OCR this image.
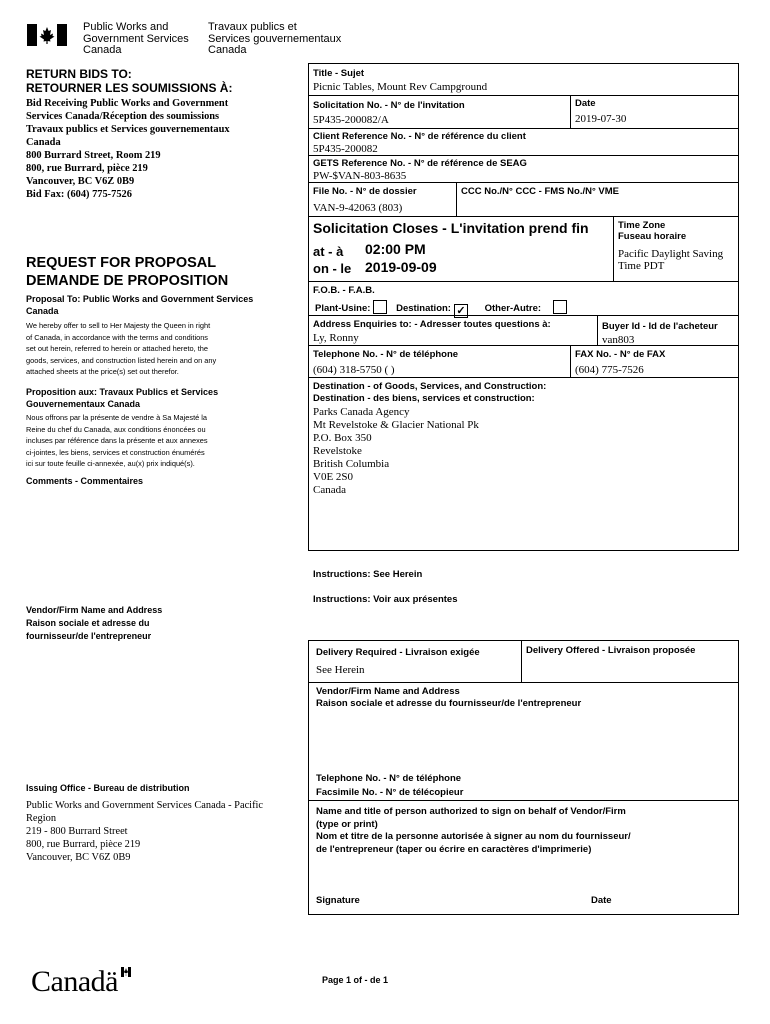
Public Works and
Government Services
Canada
Travaux publics et
Services gouvernementaux
Canada
RETURN BIDS TO:
RETOURNER LES SOUMISSIONS À:
Bid Receiving Public Works and Government
Services Canada/Réception des soumissions
Travaux publics et Services gouvernementaux
Canada
800 Burrard Street, Room 219
800, rue Burrard, pièce 219
Vancouver, BC V6Z 0B9
Bid Fax: (604) 775-7526
REQUEST FOR PROPOSAL
DEMANDE DE PROPOSITION
Proposal To: Public Works and Government Services Canada
We hereby offer to sell to Her Majesty the Queen in right
of Canada, in accordance with the terms and conditions
set out herein, referred to herein or attached hereto, the
goods, services, and construction listed herein and on any
attached sheets at the price(s) set out therefor.
Proposition aux: Travaux Publics et Services
Gouvernementaux Canada
Nous offrons par la présente de vendre à Sa Majesté la
Reine du chef du Canada, aux conditions énoncées ou
incluses par référence dans la présente et aux annexes
ci-jointes, les biens, services et construction énumérés
ici sur toute feuille ci-annexée, au(x) prix indiqué(s).
Comments - Commentaires
Vendor/Firm Name and Address
Raison sociale et adresse du
fournisseur/de l'entrepreneur
Issuing Office - Bureau de distribution
Public Works and Government Services Canada - Pacific
Region
219 - 800 Burrard Street
800, rue Burrard, pièce 219
Vancouver, BC V6Z 0B9
Title - Sujet
Picnic Tables, Mount Rev Campground
Solicitation No. - N° de l'invitation
5P435-200082/A
Date
2019-07-30
Client Reference No. - N° de référence du client
5P435-200082
GETS Reference No. - N° de référence de SEAG
PW-$VAN-803-8635
File No. - N° de dossier
VAN-9-42063 (803)
CCC No./N° CCC - FMS No./N° VME
Solicitation Closes - L'invitation prend fin
at - à 02:00 PM
on - le 2019-09-09
Time Zone
Fuseau horaire
Pacific Daylight Saving
Time PDT
F.O.B. - F.A.B.
Plant-Usine:	Destination: ✓ Other-Autre:
Address Enquiries to: - Adresser toutes questions à:
Ly, Ronny
Buyer Id - Id de l'acheteur
van803
Telephone No. - N° de téléphone
(604) 318-5750 ( )
FAX No. - N° de FAX
(604) 775-7526
Destination - of Goods, Services, and Construction:
Destination - des biens, services et construction:
Parks Canada Agency
Mt Revelstoke & Glacier National Pk
P.O. Box 350
Revelstoke
British Columbia
V0E 2S0
Canada
Instructions: See Herein
Instructions: Voir aux présentes
Delivery Required - Livraison exigée
See Herein
Delivery Offered - Livraison proposée
Vendor/Firm Name and Address
Raison sociale et adresse du fournisseur/de l'entrepreneur
Telephone No. - N° de téléphone
Facsimile No. - N° de télécopieur
Name and title of person authorized to sign on behalf of Vendor/Firm
(type or print)
Nom et titre de la personne autorisée à signer au nom du fournisseur/
de l'entrepreneur (taper ou écrire en caractères d'imprimerie)
Signature	Date
Canadä	Page 1 of - de 1
